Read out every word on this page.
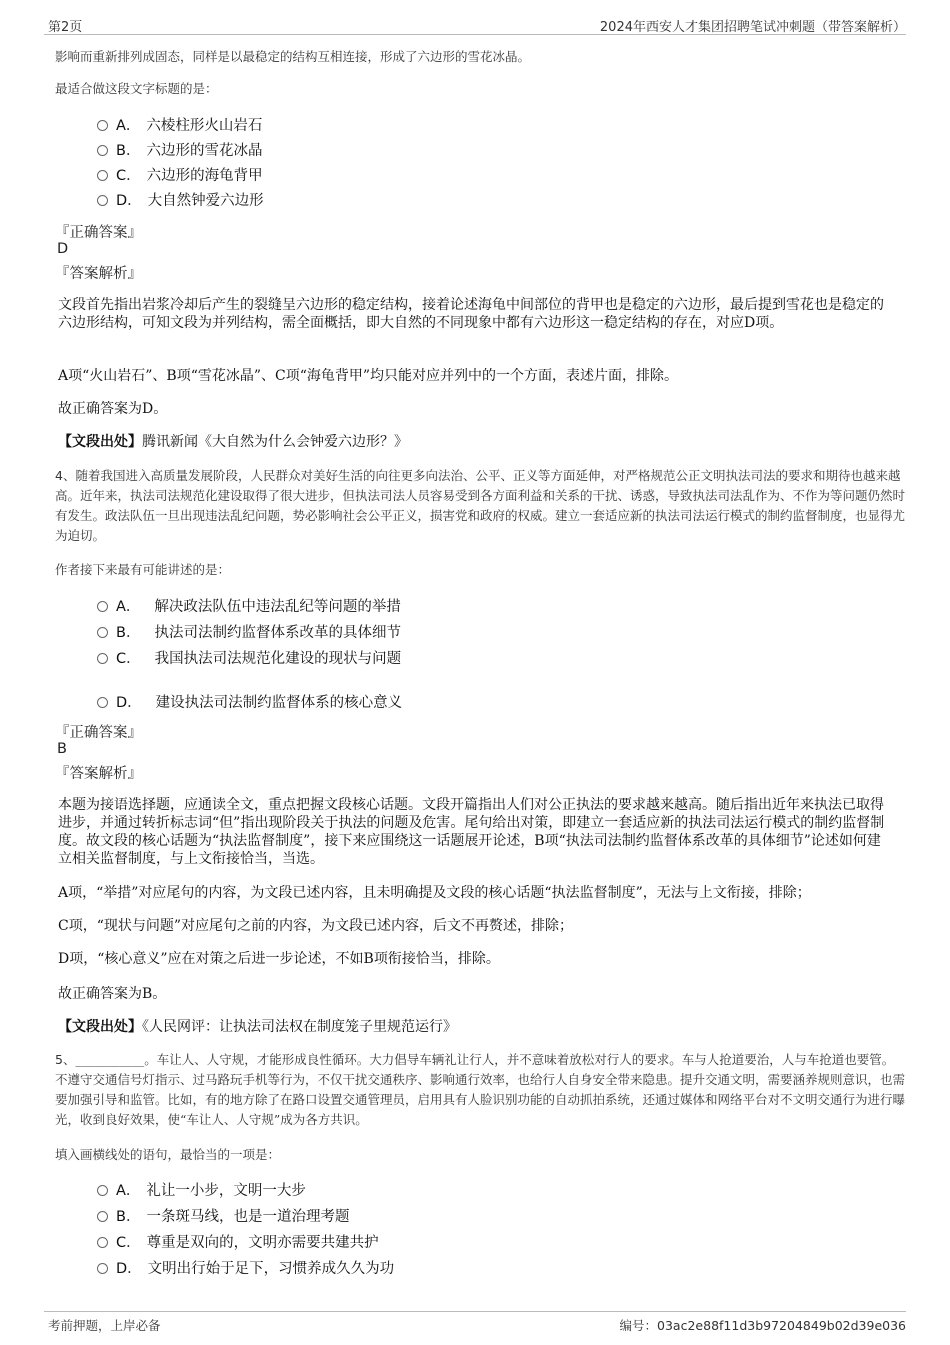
第2页	2024年西安人才集团招聘笔试冲刺题（带答案解析）
影响而重新排列成固态，同样是以最稳定的结构互相连接，形成了六边形的雪花冰晶。
最适合做这段文字标题的是：
A． 六棱柱形火山岩石
B． 六边形的雪花冰晶
C． 六边形的海龟背甲
D． 大自然钟爱六边形
『正确答案』
D
『答案解析』
文段首先指出岩浆冷却后产生的裂缝呈六边形的稳定结构，接着论述海龟中间部位的背甲也是稳定的六边形，最后提到雪花也是稳定的六边形结构，可知文段为并列结构，需全面概括，即大自然的不同现象中都有六边形这一稳定结构的存在，对应D项。
A项“火山岩石”、B项“雪花冰晶”、C项“海龟背甲”均只能对应并列中的一个方面，表述片面，排除。
故正确答案为D。
【文段出处】腾讯新闻《大自然为什么会钟爱六边形？》
4、随着我国进入高质量发展阶段，人民群众对美好生活的向往更多向法治、公平、正义等方面延伸，对严格规范公正文明执法司法的要求和期待也越来越高。近年来，执法司法规范化建设取得了很大进步，但执法司法人员容易受到各方面利益和关系的干扰、诱惑，导致执法司法乱作为、不作为等问题仍然时有发生。政法队伍一旦出现违法乱纪问题，势必影响社会公平正义，损害党和政府的权威。建立一套适应新的执法司法运行模式的制约监督制度，也显得尤为迫切。
作者接下来最有可能讲述的是：
A． 解决政法队伍中违法乱纪等问题的举措
B． 执法司法制约监督体系改革的具体细节
C． 我国执法司法规范化建设的现状与问题
D． 建设执法司法制约监督体系的核心意义
『正确答案』
B
『答案解析』
本题为接语选择题，应通读全文，重点把握文段核心话题。文段开篇指出人们对公正执法的要求越来越高。随后指出近年来执法已取得进步，并通过转折标志词“但”指出现阶段关于执法的问题及危害。尾句给出对策，即建立一套适应新的执法司法运行模式的制约监督制度。故文段的核心话题为“执法监督制度”，接下来应围绕这一话题展开论述，B项“执法司法制约监督体系改革的具体细节”论述如何建立相关监督制度，与上文衔接恰当，当选。
A项，“举措”对应尾句的内容，为文段已述内容，且未明确提及文段的核心话题“执法监督制度”，无法与上文衔接，排除；
C项，“现状与问题”对应尾句之前的内容，为文段已述内容，后文不再赘述，排除；
D项，“核心意义”应在对策之后进一步论述，不如B项衔接恰当，排除。
故正确答案为B。
【文段出处】《人民网评：让执法司法权在制度笼子里规范运行》
5、___________。车让人、人守规，才能形成良性循环。大力倡导车辆礼让行人，并不意味着放松对行人的要求。车与人抢道要治，人与车抢道也要管。不遵守交通信号灯指示、过马路玩手机等行为，不仅干扰交通秩序、影响通行效率，也给行人自身安全带来隐患。提升交通文明，需要涵养规则意识，也需要加强引导和监管。比如，有的地方除了在路口设置交通管理员，启用具有人脸识别功能的自动抓拍系统，还通过媒体和网络平台对不文明交通行为进行曝光，收到良好效果，使“车让人、人守规”成为各方共识。
填入画横线处的语句，最恰当的一项是：
A． 礼让一小步，文明一大步
B． 一条斑马线，也是一道治理考题
C． 尊重是双向的，文明亦需要共建共护
D． 文明出行始于足下，习惯养成久久为功
考前押题，上岸必备	编号：03ac2e88f11d3b97204849b02d39e036
